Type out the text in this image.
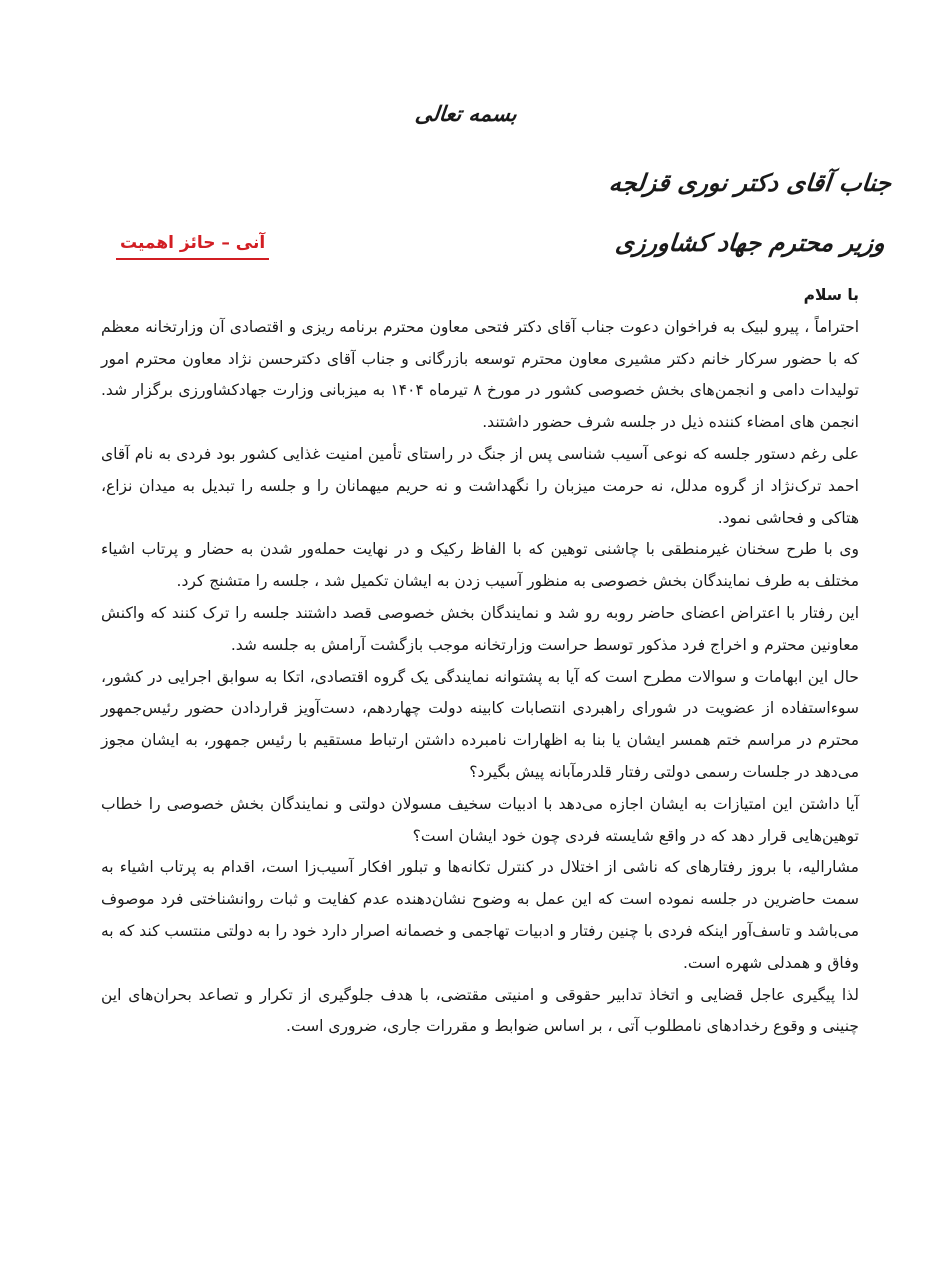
بسمه تعالی
جناب آقای دکتر نوری قزلجه
وزیر محترم جهاد کشاورزی
آنی – حائز اهمیت
با سلام

احتراماً ، پیرو لبیک به فراخوان دعوت جناب آقای دکتر فتحی معاون محترم برنامه ریزی و اقتصادی آن وزارتخانه معظم که با حضور سرکار خانم دکتر مشیری معاون محترم توسعه بازرگانی و جناب آقای دکترحسن نژاد معاون محترم امور تولیدات دامی و انجمن‌های بخش خصوصی کشور در مورخ ۸ تیرماه ۱۴۰۴ به میزبانی وزارت جهادکشاورزی برگزار شد. انجمن های امضاء کننده ذیل در جلسه شرف حضور داشتند.

علی رغم دستور جلسه که نوعی آسیب شناسی پس از جنگ در راستای تأمین امنیت غذایی کشور بود فردی به نام آقای احمد ترک‌نژاد از گروه مدلل، نه حرمت میزبان را نگهداشت و نه حریم میهمانان را و جلسه را تبدیل به میدان نزاع، هتاکی و فحاشی نمود.

وی با طرح سخنان غیرمنطقی با چاشنی توهین که با الفاظ رکیک و در نهایت حمله‌ور شدن به حضار و پرتاب اشیاء مختلف به طرف نمایندگان بخش خصوصی به منظور آسیب زدن به ایشان تکمیل شد ، جلسه را متشنج کرد.

این رفتار با اعتراض اعضای حاضر روبه رو شد و نمایندگان بخش خصوصی قصد داشتند جلسه را ترک کنند که واکنش معاونین محترم و اخراج فرد مذکور توسط حراست وزارتخانه موجب بازگشت آرامش به جلسه شد.

حال این ابهامات و سوالات مطرح است که آیا به پشتوانه نمایندگی یک گروه اقتصادی، اتکا به سوابق اجرایی در کشور، سوءاستفاده از عضویت در شورای راهبردی انتصابات کابینه دولت چهاردهم، دست‌آویز قراردادن حضور رئیس‌جمهور محترم در مراسم ختم همسر ایشان یا بنا به اظهارات نامبرده داشتن ارتباط مستقیم با رئیس جمهور، به ایشان مجوز می‌دهد در جلسات رسمی دولتی رفتار قلدرمآبانه پیش بگیرد؟

آیا داشتن این امتیازات به ایشان اجازه می‌دهد با ادبیات سخیف مسولان دولتی و نمایندگان بخش خصوصی را خطاب توهین‌هایی قرار دهد که در واقع شایسته فردی چون خود ایشان است؟

مشارالیه، با بروز رفتارهای که ناشی از اختلال در کنترل تکانه‌ها و تبلور افکار آسیب‌زا است، اقدام به پرتاب اشیاء به سمت حاضرین در جلسه نموده است که این عمل به وضوح نشان‌دهنده عدم کفایت و ثبات روانشناختی فرد موصوف می‌باشد و تاسف‌آور اینکه فردی با چنین رفتار و ادبیات تهاجمی و خصمانه اصرار دارد خود را به دولتی منتسب کند که به وفاق و همدلی شهره است.

لذا پیگیری عاجل قضایی و اتخاذ تدابیر حقوقی و امنیتی مقتضی، با هدف جلوگیری از تکرار و تصاعد بحران‌های این چنینی و وقوع رخدادهای نامطلوب آتی ، بر اساس ضوابط و مقررات جاری، ضروری است.
